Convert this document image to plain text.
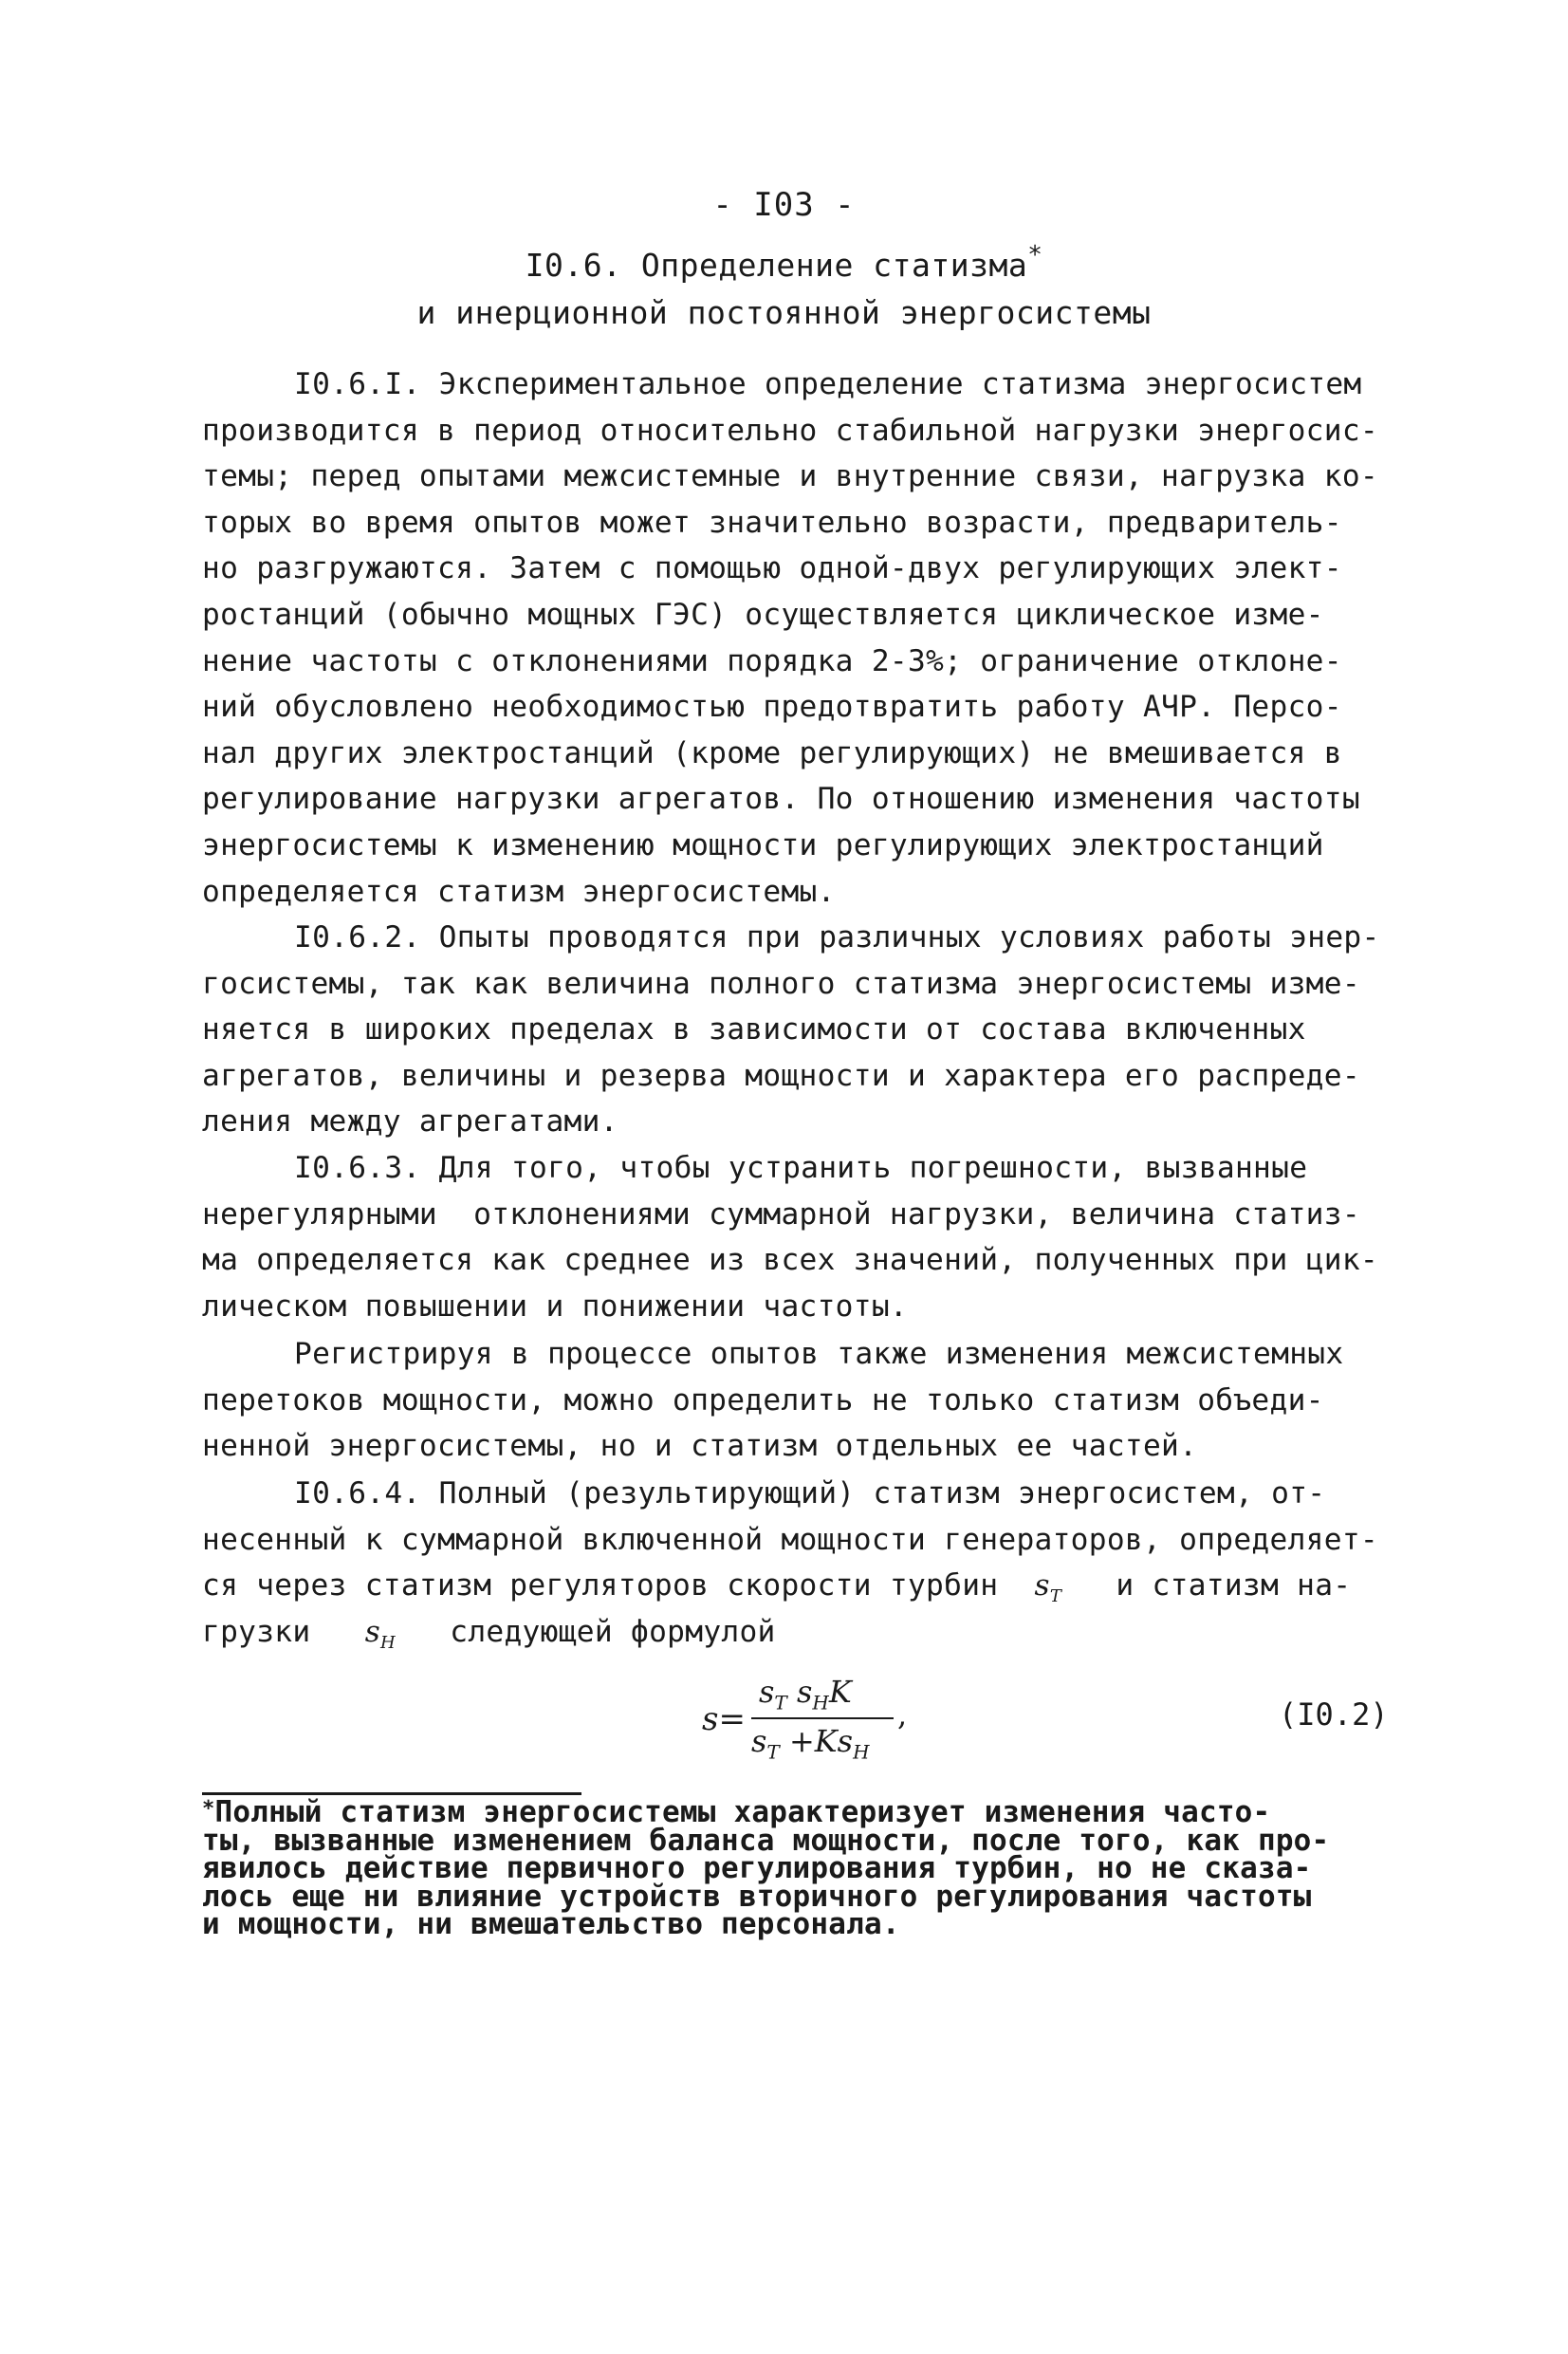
- I03 -
I0.6. Определение статизма*
и инерционной постоянной энергосистемы
I0.6.I. Экспериментальное определение статизма энергосистем
производится в период относительно стабильной нагрузки энергосис-
темы; перед опытами межсистемные и внутренние связи, нагрузка ко-
торых во время опытов может значительно возрасти, предваритель-
но разгружаются. Затем с помощью одной-двух регулирующих элект-
ростанций (обычно мощных ГЭС) осуществляется циклическое изме-
нение частоты с отклонениями порядка 2-3%; ограничение отклоне-
ний обусловлено необходимостью предотвратить работу АЧР. Персо-
нал других электростанций (кроме регулирующих) не вмешивается в
регулирование нагрузки агрегатов. По отношению изменения частоты
энергосистемы к изменению мощности регулирующих электростанций
определяется статизм энергосистемы.
I0.6.2. Опыты проводятся при различных условиях работы энер-
госистемы, так как величина полного статизма энергосистемы изме-
няется в широких пределах в зависимости от состава включенных
агрегатов, величины и резерва мощности и характера его распреде-
ления между агрегатами.
I0.6.3. Для того, чтобы устранить погрешности, вызванные
нерегулярными  отклонениями суммарной нагрузки, величина статиз-
ма определяется как среднее из всех значений, полученных при цик-
лическом повышении и понижении частоты.
Регистрируя в процессе опытов также изменения межсистемных
перетоков мощности, можно определить не только статизм объеди-
ненной энергосистемы, но и статизм отдельных ее частей.
I0.6.4. Полный (результирующий) статизм энергосистем, от-
несенный к суммарной включенной мощности генераторов, определяет-
ся через статизм регуляторов скорости турбин $s_T$ и статизм на-
грузки $s_H$ следующей формулой
s=
$s_T$ $s_HK$
$s_T +Ks_H$
,	(I0.2)
*Полный статизм энергосистемы характеризует изменения часто-
ты, вызванные изменением баланса мощности, после того, как про-
явилось действие первичного регулирования турбин, но не сказа-
лось еще ни влияние устройств вторичного регулирования частоты
и мощности, ни вмешательство персонала.
